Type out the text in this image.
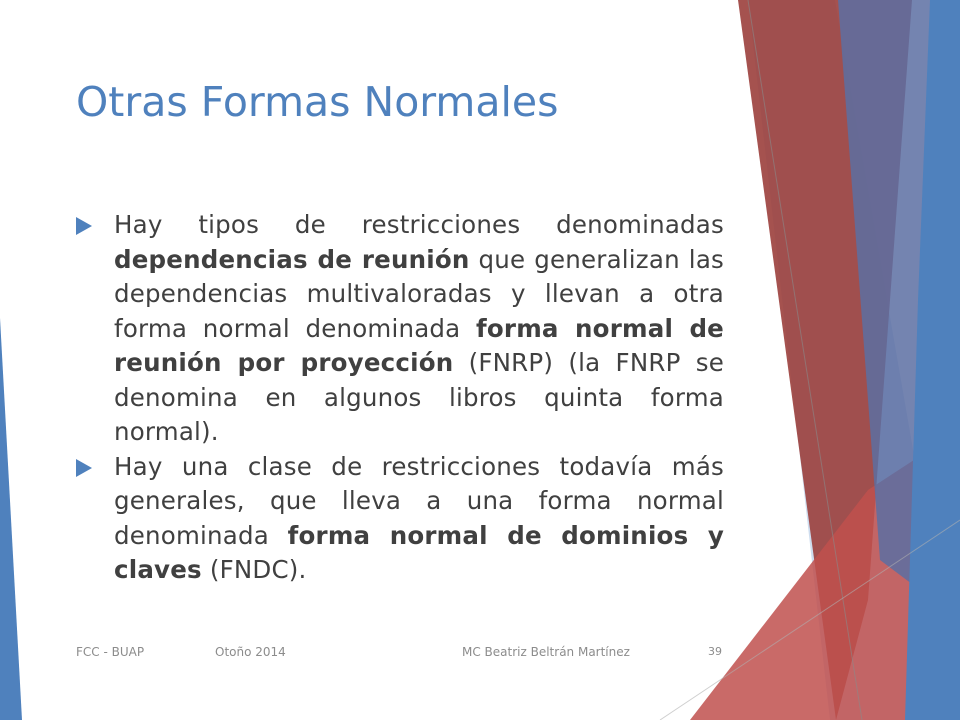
Otras Formas Normales
Hay tipos de restricciones denominadas dependencias de reunión que generalizan las dependencias multivaloradas y llevan a otra forma normal denominada forma normal de reunión por proyección (FNRP) (la FNRP se denomina en algunos libros quinta forma normal).
Hay una clase de restricciones todavía más generales, que lleva a una forma normal denominada forma normal de dominios y claves (FNDC).
FCC - BUAP	Otoño 2014	MC Beatriz Beltrán Martínez	39
